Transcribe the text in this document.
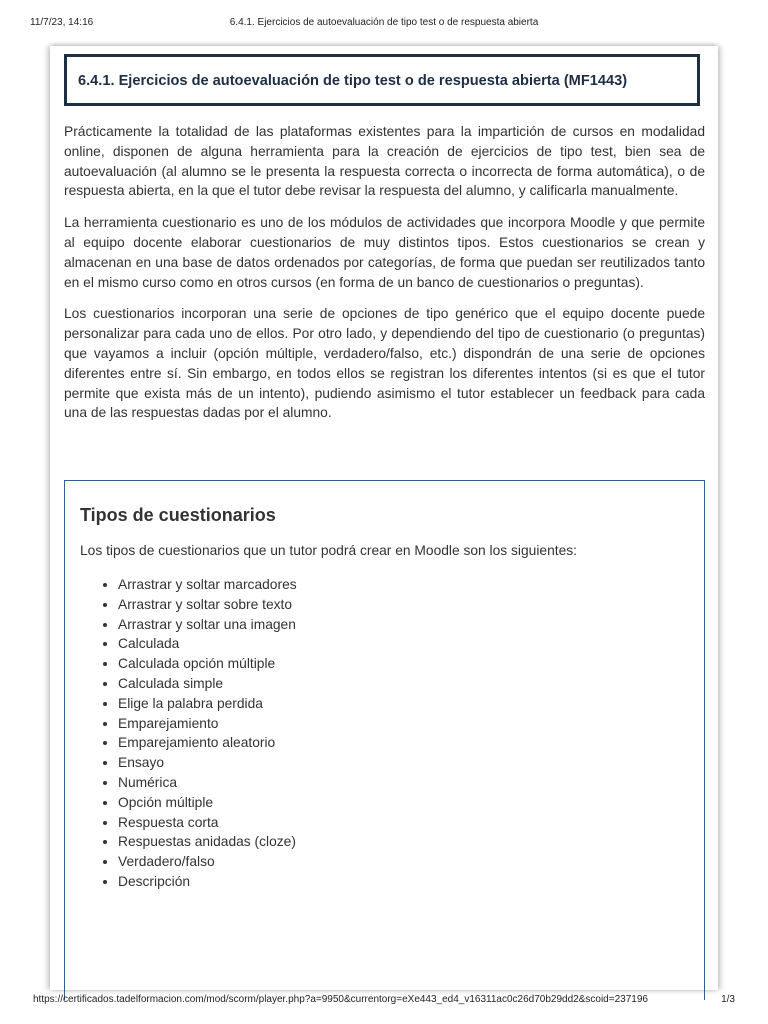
11/7/23, 14:16	6.4.1. Ejercicios de autoevaluación de tipo test o de respuesta abierta
6.4.1. Ejercicios de autoevaluación de tipo test o de respuesta abierta (MF1443)

Prácticamente la totalidad de las plataformas existentes para la impartición de cursos en modalidad online, disponen de alguna herramienta para la creación de ejercicios de tipo test, bien sea de autoevaluación (al alumno se le presenta la respuesta correcta o incorrecta de forma automática), o de respuesta abierta, en la que el tutor debe revisar la respuesta del alumno, y calificarla manualmente.

La herramienta cuestionario es uno de los módulos de actividades que incorpora Moodle y que permite al equipo docente elaborar cuestionarios de muy distintos tipos. Estos cuestionarios se crean y almacenan en una base de datos ordenados por categorías, de forma que puedan ser reutilizados tanto en el mismo curso como en otros cursos (en forma de un banco de cuestionarios o preguntas).

Los cuestionarios incorporan una serie de opciones de tipo genérico que el equipo docente puede personalizar para cada uno de ellos. Por otro lado, y dependiendo del tipo de cuestionario (o preguntas) que vayamos a incluir (opción múltiple, verdadero/falso, etc.) dispondrán de una serie de opciones diferentes entre sí. Sin embargo, en todos ellos se registran los diferentes intentos (si es que el tutor permite que exista más de un intento), pudiendo asimismo el tutor establecer un feedback para cada una de las respuestas dadas por el alumno.

Tipos de cuestionarios

Los tipos de cuestionarios que un tutor podrá crear en Moodle son los siguientes:

• Arrastrar y soltar marcadores
• Arrastrar y soltar sobre texto
• Arrastrar y soltar una imagen
• Calculada
• Calculada opción múltiple
• Calculada simple
• Elige la palabra perdida
• Emparejamiento
• Emparejamiento aleatorio
• Ensayo
• Numérica
• Opción múltiple
• Respuesta corta
• Respuestas anidadas (cloze)
• Verdadero/falso
• Descripción
https://certificados.tadelformacion.com/mod/scorm/player.php?a=9950&currentorg=eXe443_ed4_v16311ac0c26d70b29dd2&scoid=237196	1/3
